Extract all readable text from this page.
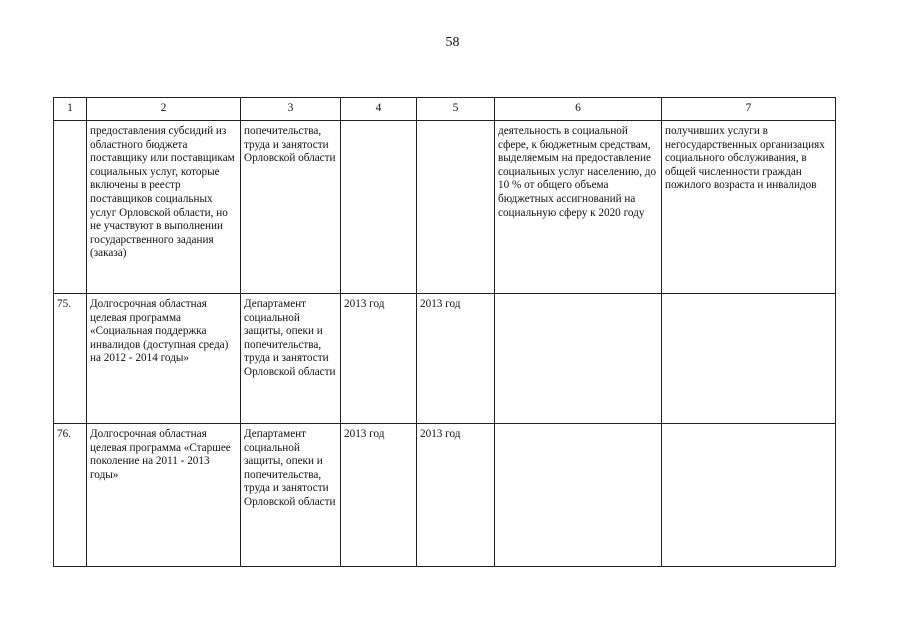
58
1	2	3	4	5	6	7
	предоставления субсидий из областного бюджета поставщику или поставщикам социальных услуг, которые включены в реестр поставщиков социальных услуг Орловской области, но не участвуют в выполнении государственного задания (заказа)	попечительства, труда и занятости Орловской области			деятельность в социальной сфере, к бюджетным средствам, выделяемым на предоставление социальных услуг населению, до 10 % от общего объема бюджетных ассигнований на социальную сферу к 2020 году	получивших услуги в негосударственных организациях социального обслуживания, в общей численности граждан пожилого возраста и инвалидов
75.	Долгосрочная областная целевая программа «Социальная поддержка инвалидов (доступная среда) на 2012 - 2014 годы»	Департамент социальной защиты, опеки и попечительства, труда и занятости Орловской области	2013 год	2013 год		
76.	Долгосрочная областная целевая программа «Старшее поколение на 2011 - 2013 годы»	Департамент социальной защиты, опеки и попечительства, труда и занятости Орловской области	2013 год	2013 год		
